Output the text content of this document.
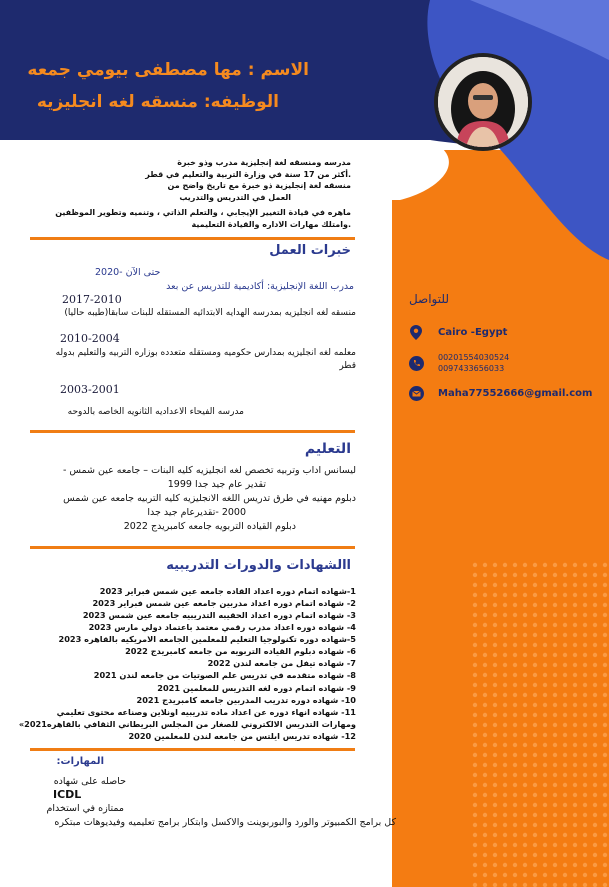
الاسم : مها مصطفى بيومي جمعه
الوظيفه: منسقه لغه انجليزيه
مدرسه ومنسقه لغة إنجليزية مدرب وذو خبرة
.أكثر من 17 سنة في وزارة التربية والتعليم في قطر
منسقه لغة إنجليزية ذو خبرة مع تاريخ واضح من
العمل في التدريس والتدريب
ماهره في قيادة التغيير الإيجابي ، والتعلم الذاتي ، وتنميه وتطوير الموظفين
.وامتلك مهارات الاداره والقيادة التعليمية
خبرات العمل
2020- حتى الآن
مدرب اللغة الإنجليزية: أكاديمية للتدريس عن بعد
2017-2010
منسقه لغه انجليزيه بمدرسه الهدايه الابتدائيه المستقله للبنات سابقا(طيبه حاليا)
2010-2004
معلمه لغه انجليزيه بمدارس حكوميه ومستقله متعدده بوزاره التربيه والتعليم بدوله
قطر
2003-2001
مدرسه الفيحاء الاعداديه الثانويه الخاصه بالدوحه
التعليم
ليسانس اداب وتربيه تخصص لغه انجليزيه كليه البنات – جامعه عين شمس -
تقدير عام جيد جدا 1999
دبلوم مهنيه في طرق تدريس اللغه الانجليزيه كليه التربيه جامعه عين شمس
2000 -تقديرعام جيد جدا
دبلوم القياده التربويه جامعه كامبريدج 2022
االشهادات والدورات التدريبيه
1-شهاده اتمام دوره اعداد القاده جامعه عين شمس فبراير 2023
2- شهاده اتمام دوره اعداد مدربين جامعه عين شمس فبراير 2023
3- شهاده اتمام دوره اعداد الحقيبه التدريبيه جامعه عين شمس 2023
4- شهاده دوره اعداد مدرب رقمي معتمد باعتماد دولي مارس 2023
5-شهاده دوره تكنولوجيا التعليم للمعلمين الجامعه الامريكيه بالقاهره 2023
6- شهاده دبلوم القياده التربويه من جامعه كامبريدج 2022
7- شهاده تيفل من جامعه لندن 2022
8- شهاده متقدمه في تدريس علم الصوتيات من جامعه لندن 2021
9- شهاده اتمام دوره لغه التدريس للمعلمين 2021
10- شهاده دوره تدريب المدربين جامعه كامبريدج 2021
11- شهاده انهاء دوره عن اعداد ماده تدريبيه اونلاين وصناعه محتوى تعليمي
ومهارات التدريس الالكتروني للصغار من المجلس البريطاني الثقافي بالقاهره2021»
12- شهاده تدريس ايلتس من جامعه لندن للمعلمين 2020
المهارات:
حاصله على شهاده
ICDL
ممتازه في استخدام
كل برامج الكمبيوتر والورد والبوربوينت والاكسل وابتكار برامج تعليميه وفيديوهات مبتكره
للتواصل
Cairo -Egypt
00201554030524
0097433656033
Maha77552666@gmail.com
